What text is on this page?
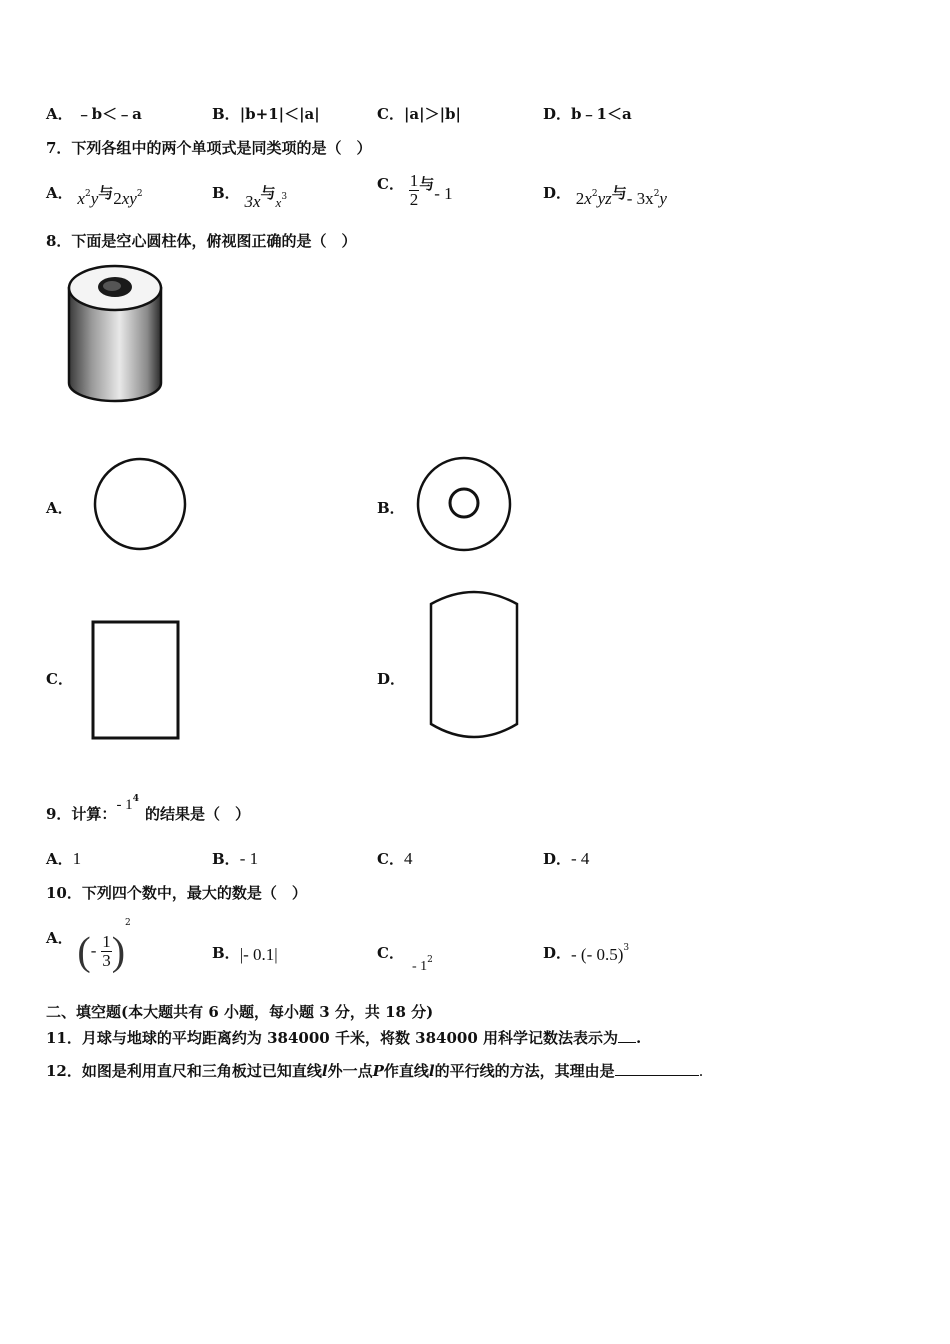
A． ﹣b＜﹣a	B．|b+1|＜|a|	C．|a|＞|b|	D．b﹣1＜a
7．下列各组中的两个单项式是同类项的是（　）
A． $x^2y$与$2xy^2$	B． 3x与$x^3$
C． $\frac{1}{2}$ 与- 1	D． $2x^2yz$与- $3x^2y$
8．下面是空心圆柱体，俯视图正确的是（　）
A．	B．
C．	D．
9．计算：- $1^4$的结果是（　）
A．1	B．- 1	C．4	D．- 4
10．下列四个数中，最大的数是（　）
A． (- $\frac{1}{3} )^2$
B．|- 0.1|	C．- $1^2$	D．- (- 0.5)$^3$
二、填空题(本大题共有 6 小题，每小题 3 分，共 18 分)
11．月球与地球的平均距离约为 384000 千米，将数 384000 用科学记数法表示为 .
12．如图是利用直尺和三角板过已知直线l外一点P作直线l的平行线的方法，其理由是	.
